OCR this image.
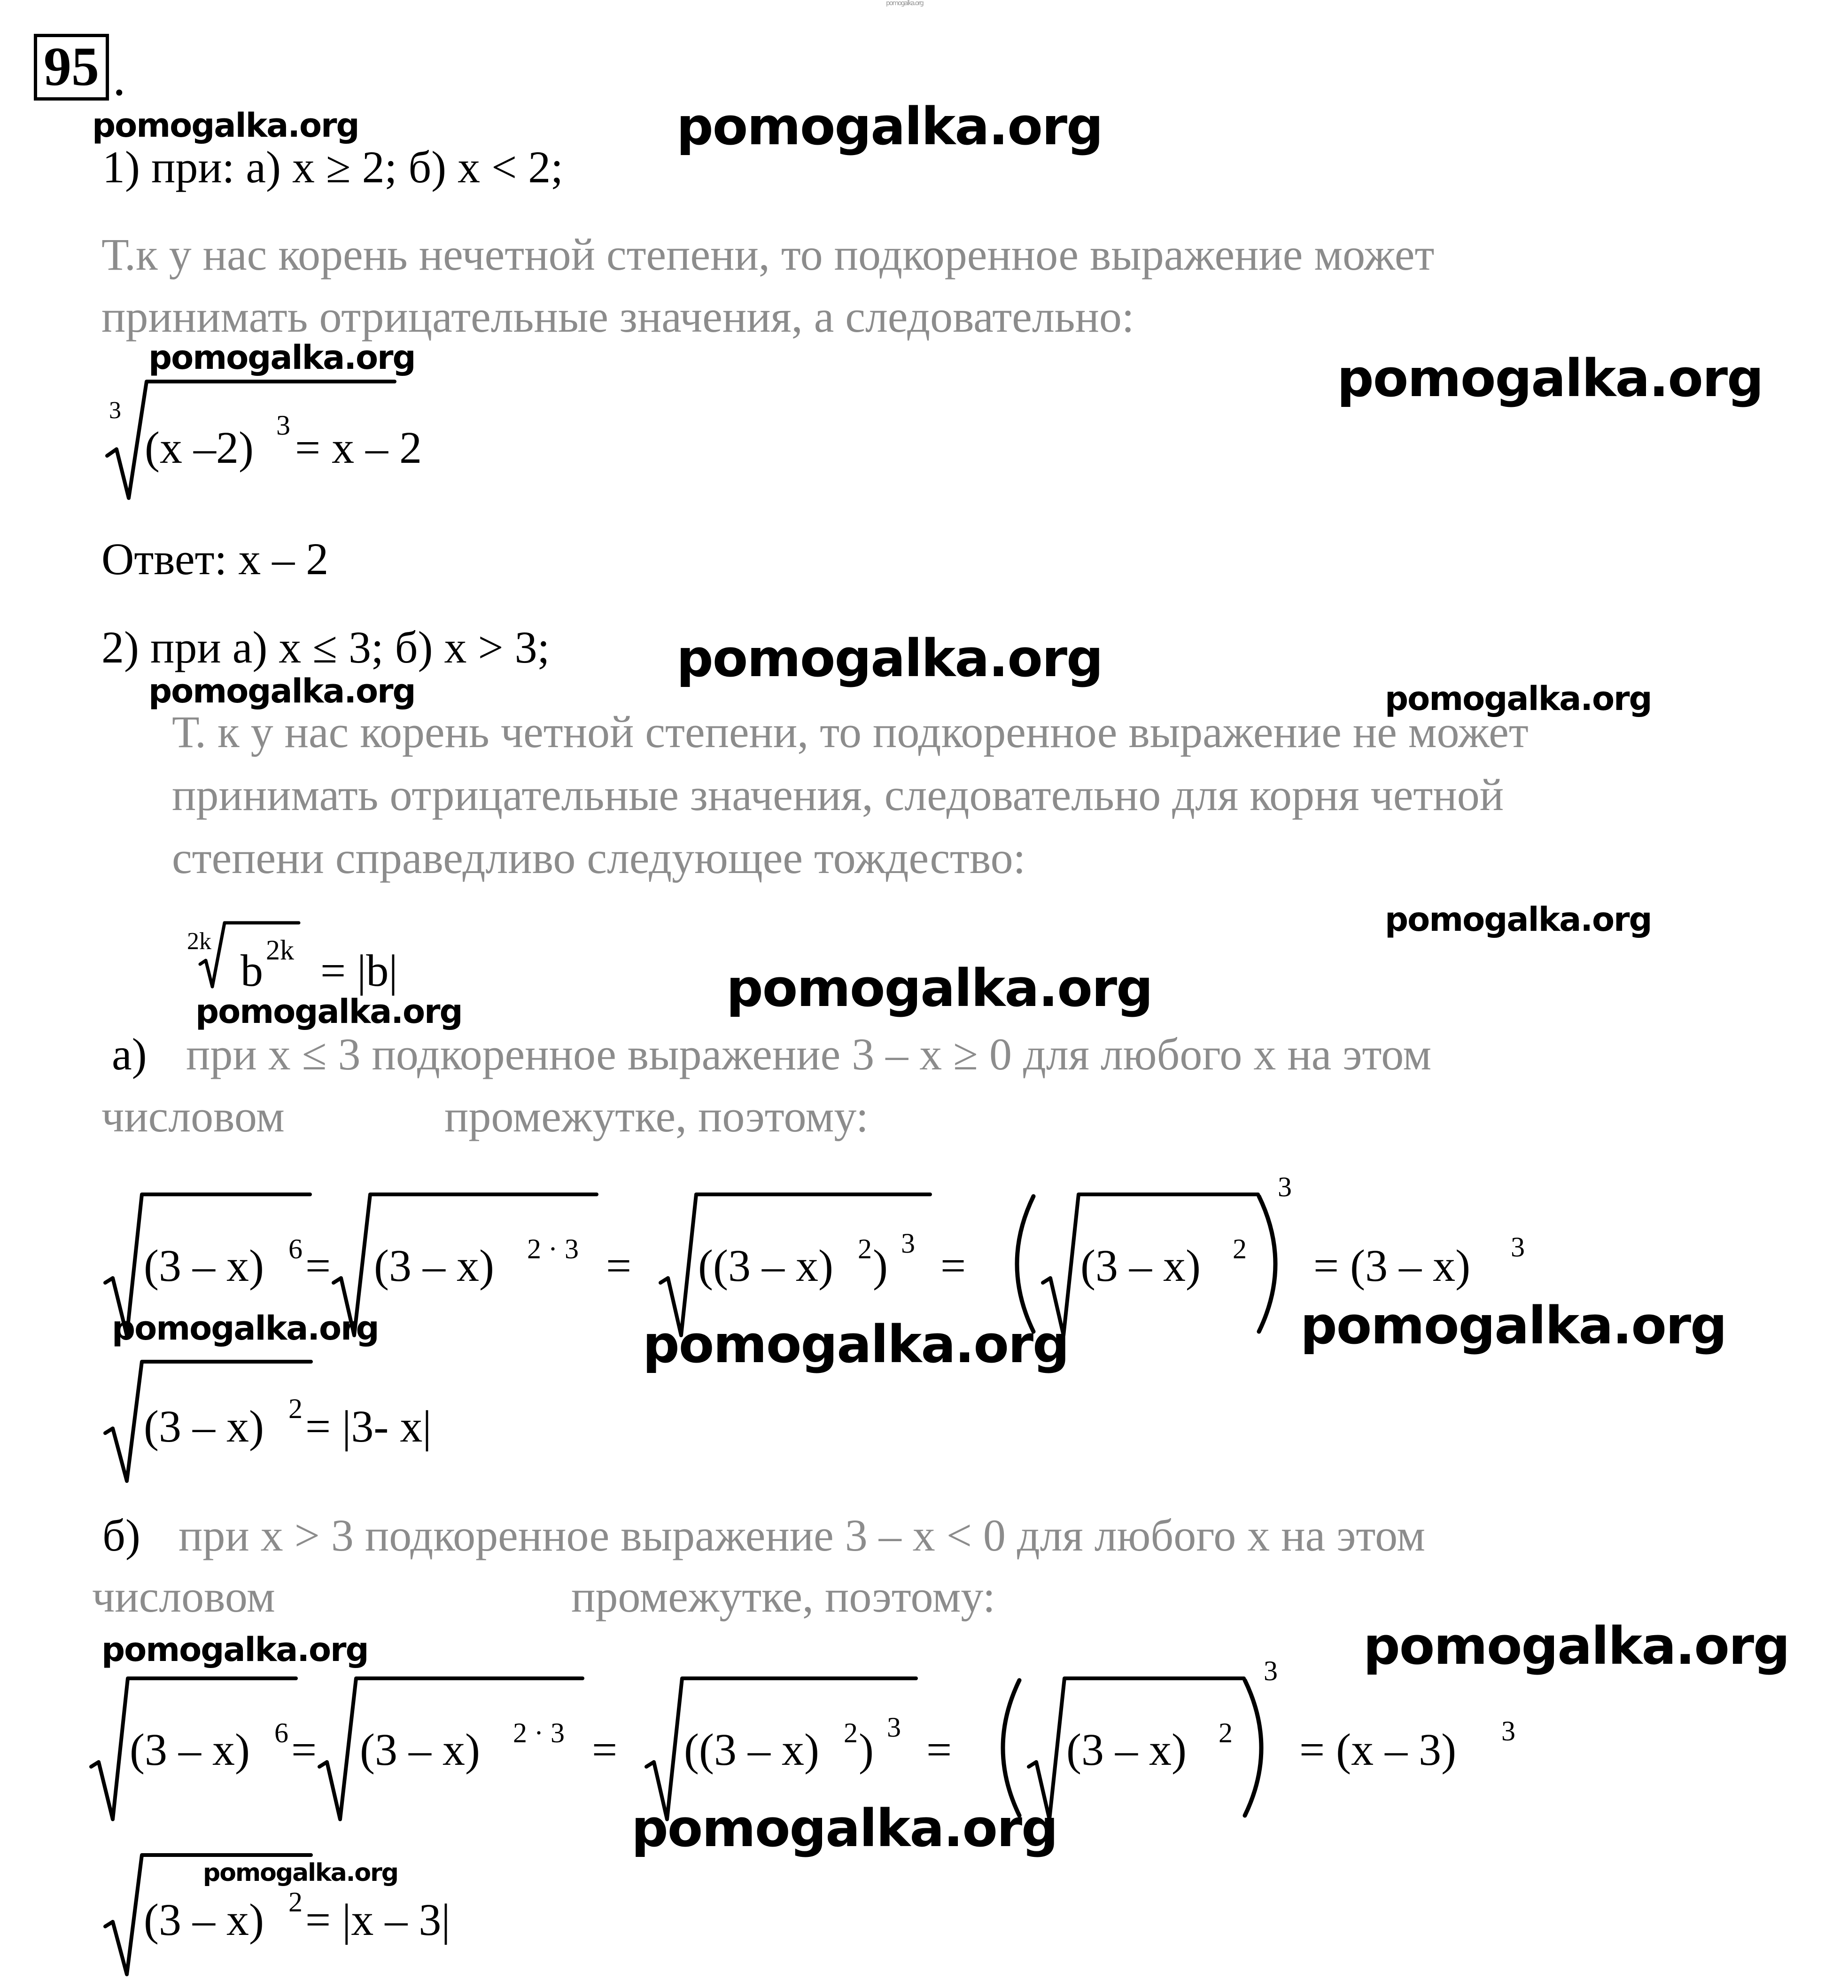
pomogalka.org
95 .
pomogalka.org	pomogalka.org
1) при: а) x ≥ 2; б) x < 2;
Т.к у нас корень нечетной степени, то подкоренное выражение может
принимать отрицательные значения, а следовательно:
pomogalka.org	pomogalka.org
3
(x –2) 3 = x – 2
Ответ: x – 2
2) при а) x ≤ 3; б) x > 3; pomogalka.org
pomogalka.org	pomogalka.org
Т. к у нас корень четной степени, то подкоренное выражение не может
принимать отрицательные значения, следовательно для корня четной
степени справедливо следующее тождество:
pomogalka.org
2k
b 2k = |b|	pomogalka.org
pomogalka.org
а) при x ≤ 3 подкоренное выражение 3 – x ≥ 0 для любого x на этом
числовом	промежутке, поэтому:
(3 – x) 6 = (3 – x) 2 · 3 = ((3 – x) 2 ) 3 =	(3 – x) 2
3
= (3 – x) 3
pomogalka.org	pomogalka.org
pomogalka.org
(3 – x) 2 = |3- x|
б) при x > 3 подкоренное выражение 3 – x < 0 для любого x на этом
числовом	промежутке, поэтому:
pomogalka.org	pomogalka.org
(3 – x) 6 = (3 – x) 2 · 3 = ((3 – x) 2 ) 3 =	(3 – x) 2
3
= (x – 3) 3
pomogalka.org
pomogalka.org
(3 – x) 2 = |x – 3|
